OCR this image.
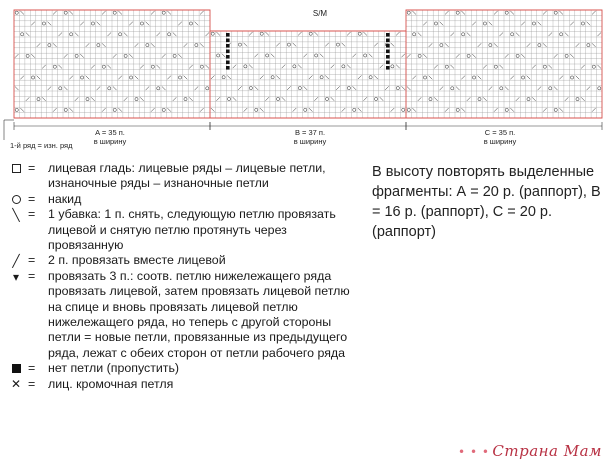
S/M
A = 35 п.
в ширину
B = 37 п.
в ширину
C = 35 п.
в ширину
1-й ряд = изн. ряд
=	лицевая гладь: лицевые ряды – лицевые петли, изнаночные ряды – изнаночные петли
=	накид
╲ =	1 убавка: 1 п. снять, следующую петлю провязать лицевой и снятую петлю протянуть через провязанную
╱ =	2 п. провязать вместе лицевой
▾ =	провязать 3 п.: соотв. петлю нижележащего ряда провязать лицевой, затем провязать лицевой петлю на спице и вновь провязать лицевой петлю нижележащего ряда, но теперь с другой стороны петли = новые петли, провязанные из предыдущего ряда, лежат с обеих сторон от петли рабочего ряда
=	нет петли (пропустить)
✕ =	лиц. кромочная петля
В высоту повторять выделенные фрагменты: А = 20 р. (раппорт), В = 16 р. (раппорт), С = 20 р. (раппорт)
• • • Страна Мам
